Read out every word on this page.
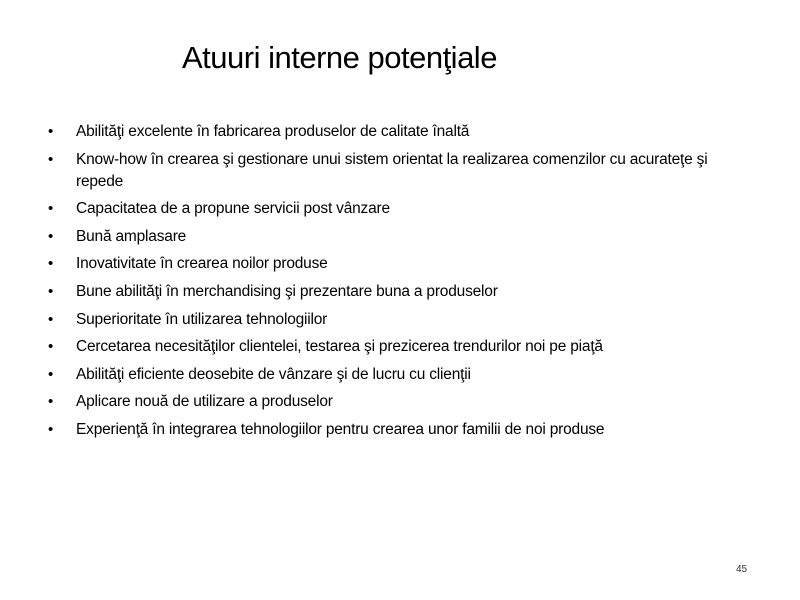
Atuuri interne potenţiale
•	Abilităţi excelente în fabricarea produselor de calitate înaltă
•	Know-how în crearea şi gestionare unui sistem orientat la realizarea comenzilor cu acurateţe şi repede
•	Capacitatea de a propune servicii post vânzare
•	Bună amplasare
•	Inovativitate în crearea noilor produse
•	Bune abilităţi în merchandising şi prezentare buna a produselor
•	Superioritate în utilizarea tehnologiilor
•	Cercetarea necesităţilor clientelei, testarea şi prezicerea trendurilor noi pe piaţă
•	Abilităţi eficiente deosebite de vânzare şi de lucru cu clienţii
•	Aplicare nouă de utilizare a produselor
•	Experienţă în integrarea tehnologiilor pentru crearea unor familii de noi produse
45
